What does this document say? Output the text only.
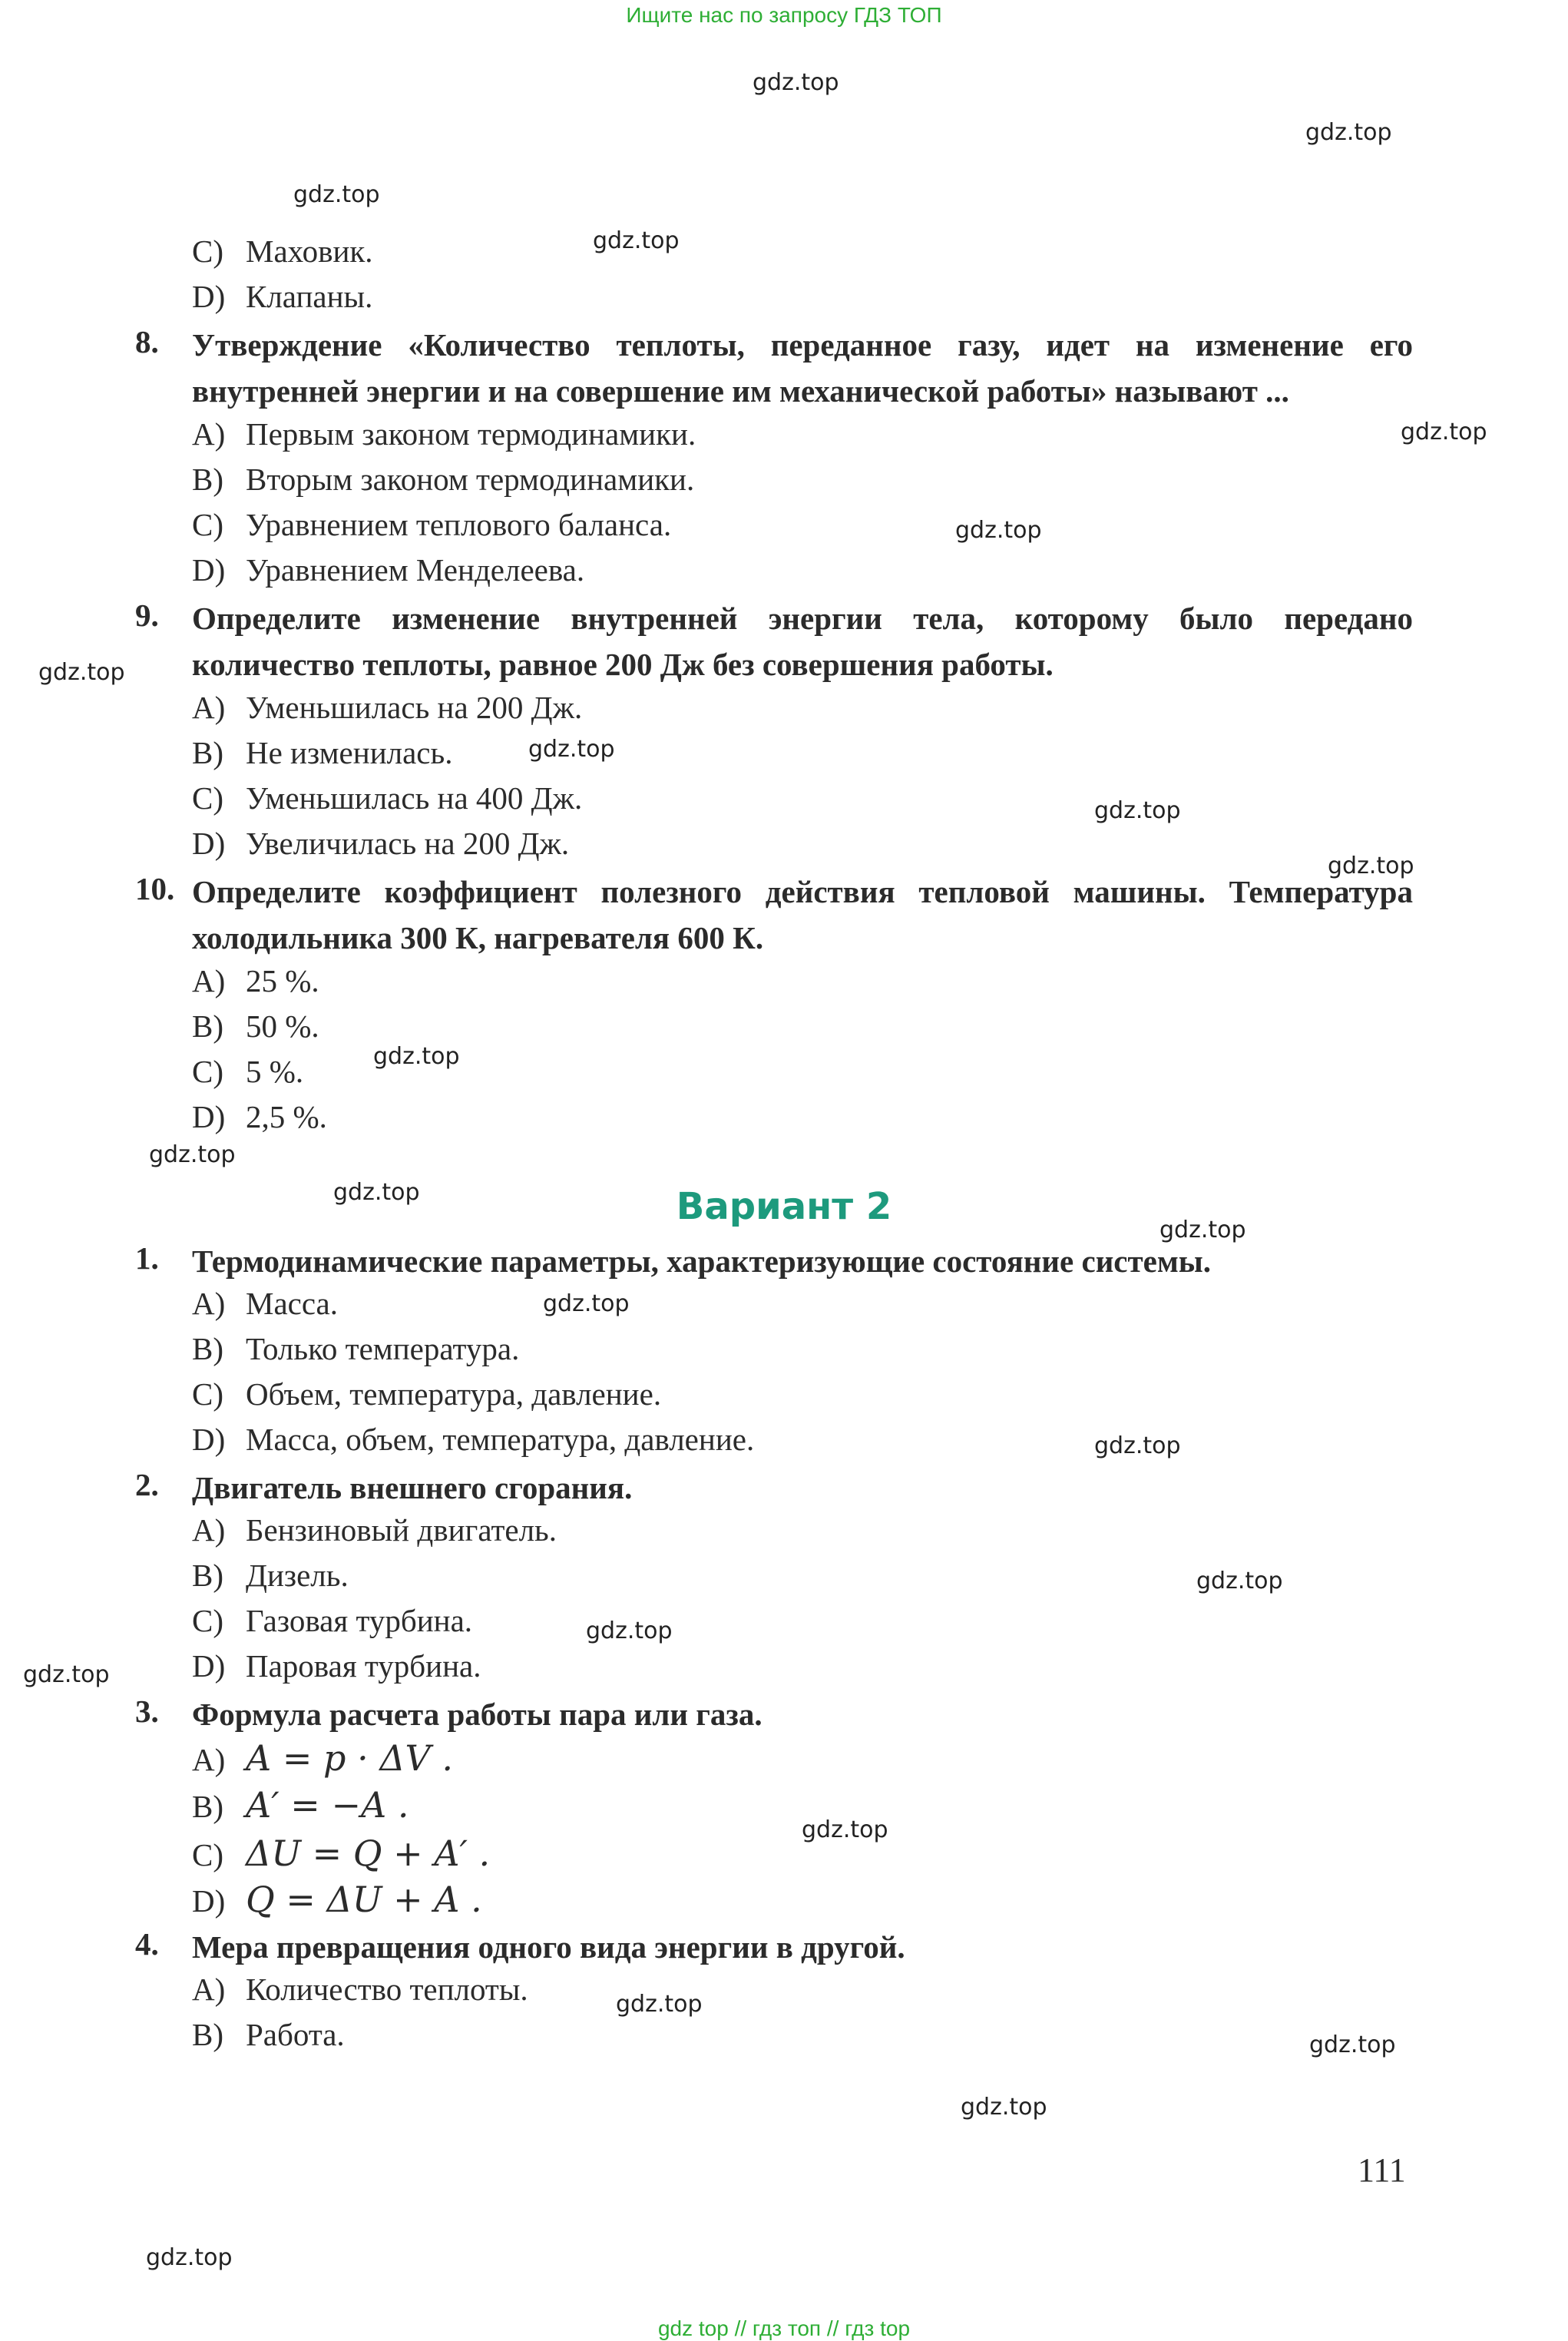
Ищите нас по запросу ГДЗ ТОП
C) Маховик.
D) Клапаны.
8. Утверждение «Количество теплоты, переданное газу, идет на изменение его внутренней энергии и на совершение им механической работы» называют ...
A) Первым законом термодинамики.
B) Вторым законом термодинамики.
C) Уравнением теплового баланса.
D) Уравнением Менделеева.
9. Определите изменение внутренней энергии тела, которому было передано количество теплоты, равное 200 Дж без совершения работы.
A) Уменьшилась на 200 Дж.
B) Не изменилась.
C) Уменьшилась на 400 Дж.
D) Увеличилась на 200 Дж.
10. Определите коэффициент полезного действия тепловой машины. Температура холодильника 300 К, нагревателя 600 К.
A) 25 %.
B) 50 %.
C) 5 %.
D) 2,5 %.
Вариант 2
1. Термодинамические параметры, характеризующие состояние системы.
A) Масса.
B) Только температура.
C) Объем, температура, давление.
D) Масса, объем, температура, давление.
2. Двигатель внешнего сгорания.
A) Бензиновый двигатель.
B) Дизель.
C) Газовая турбина.
D) Паровая турбина.
3. Формула расчета работы пара или газа.
A) A = p · ΔV .
B) A′ = −A .
C) ΔU = Q + A′ .
D) Q = ΔU + A .
4. Мера превращения одного вида энергии в другой.
A) Количество теплоты.
B) Работа.
111
gdz.top
gdz.top
gdz.top
gdz.top
gdz.top
gdz.top
gdz.top
gdz.top
gdz.top
gdz.top
gdz.top
gdz.top
gdz.top
gdz.top
gdz.top
gdz.top
gdz.top
gdz.top
gdz.top
gdz.top
gdz.top
gdz.top
gdz.top
gdz.top
gdz top // гдз топ // гдз top
